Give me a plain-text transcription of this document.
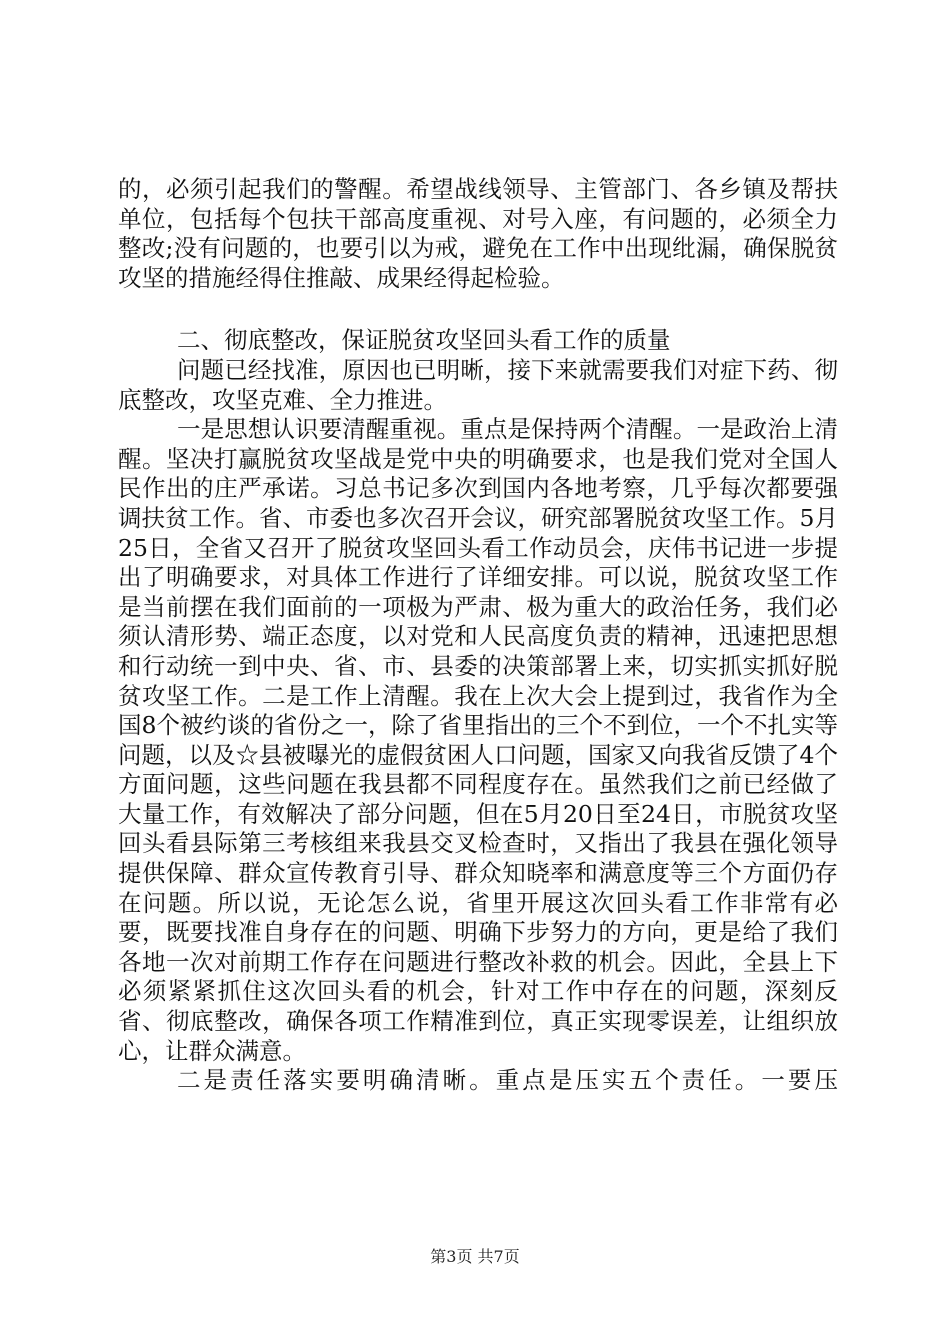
的，必须引起我们的警醒。希望战线领导、主管部门、各乡镇及帮扶单位，包括每个包扶干部高度重视、对号入座，有问题的，必须全力整改;没有问题的，也要引以为戒，避免在工作中出现纰漏，确保脱贫攻坚的措施经得住推敲、成果经得起检验。

二、彻底整改，保证脱贫攻坚回头看工作的质量

问题已经找准，原因也已明晰，接下来就需要我们对症下药、彻底整改，攻坚克难、全力推进。

一是思想认识要清醒重视。重点是保持两个清醒。一是政治上清醒。坚决打赢脱贫攻坚战是党中央的明确要求，也是我们党对全国人民作出的庄严承诺。习总书记多次到国内各地考察，几乎每次都要强调扶贫工作。省、市委也多次召开会议，研究部署脱贫攻坚工作。5月25日，全省又召开了脱贫攻坚回头看工作动员会，庆伟书记进一步提出了明确要求，对具体工作进行了详细安排。可以说，脱贫攻坚工作是当前摆在我们面前的一项极为严肃、极为重大的政治任务，我们必须认清形势、端正态度，以对党和人民高度负责的精神，迅速把思想和行动统一到中央、省、市、县委的决策部署上来，切实抓实抓好脱贫攻坚工作。二是工作上清醒。我在上次大会上提到过，我省作为全国8个被约谈的省份之一，除了省里指出的三个不到位，一个不扎实等问题，以及☆县被曝光的虚假贫困人口问题，国家又向我省反馈了4个方面问题，这些问题在我县都不同程度存在。虽然我们之前已经做了大量工作，有效解决了部分问题，但在5月20日至24日，市脱贫攻坚回头看县际第三考核组来我县交叉检查时，又指出了我县在强化领导提供保障、群众宣传教育引导、群众知晓率和满意度等三个方面仍存在问题。所以说，无论怎么说，省里开展这次回头看工作非常有必要，既要找准自身存在的问题、明确下步努力的方向，更是给了我们各地一次对前期工作存在问题进行整改补救的机会。因此，全县上下必须紧紧抓住这次回头看的机会，针对工作中存在的问题，深刻反省、彻底整改，确保各项工作精准到位，真正实现零误差，让组织放心，让群众满意。

二是责任落实要明确清晰。重点是压实五个责任。一要压

第3页 共7页
